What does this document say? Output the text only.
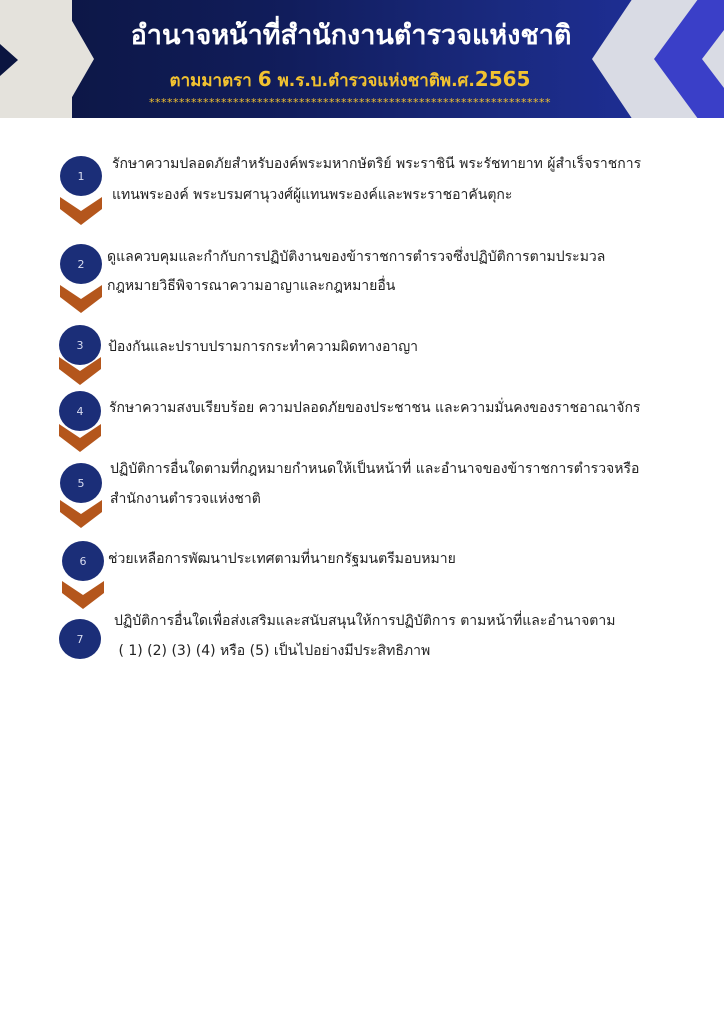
อำนาจหน้าที่สำนักงานตำรวจแห่งชาติ
ตามมาตรา 6 พ.ร.บ.ตำรวจแห่งชาติพ.ศ.2565
*******************************************************************
1
รักษาความปลอดภัยสำหรับองค์พระมหากษัตริย์ พระราชินี พระรัชทายาท ผู้สำเร็จราชการ
แทนพระองค์ พระบรมศานุวงศ์ผู้แทนพระองค์และพระราชอาคันตุกะ
2	ดูแลควบคุมและกำกับการปฏิบัติงานของข้าราชการตำรวจซึ่งปฏิบัติการตามประมวล
กฎหมายวิธีพิจารณาความอาญาและกฎหมายอื่น
3	ป้องกันและปราบปรามการกระทำความผิดทางอาญา
4	รักษาความสงบเรียบร้อย ความปลอดภัยของประชาชน และความมั่นคงของราชอาณาจักร
5
ปฏิบัติการอื่นใดตามที่กฎหมายกำหนดให้เป็นหน้าที่ และอำนาจของข้าราชการตำรวจหรือ
สำนักงานตำรวจแห่งชาติ
6	ช่วยเหลือการพัฒนาประเทศตามที่นายกรัฐมนตรีมอบหมาย
7
ปฏิบัติการอื่นใดเพื่อส่งเสริมและสนับสนุนให้การปฏิบัติการ ตามหน้าที่และอำนาจตาม
( 1) (2) (3) (4) หรือ (5) เป็นไปอย่างมีประสิทธิภาพ
